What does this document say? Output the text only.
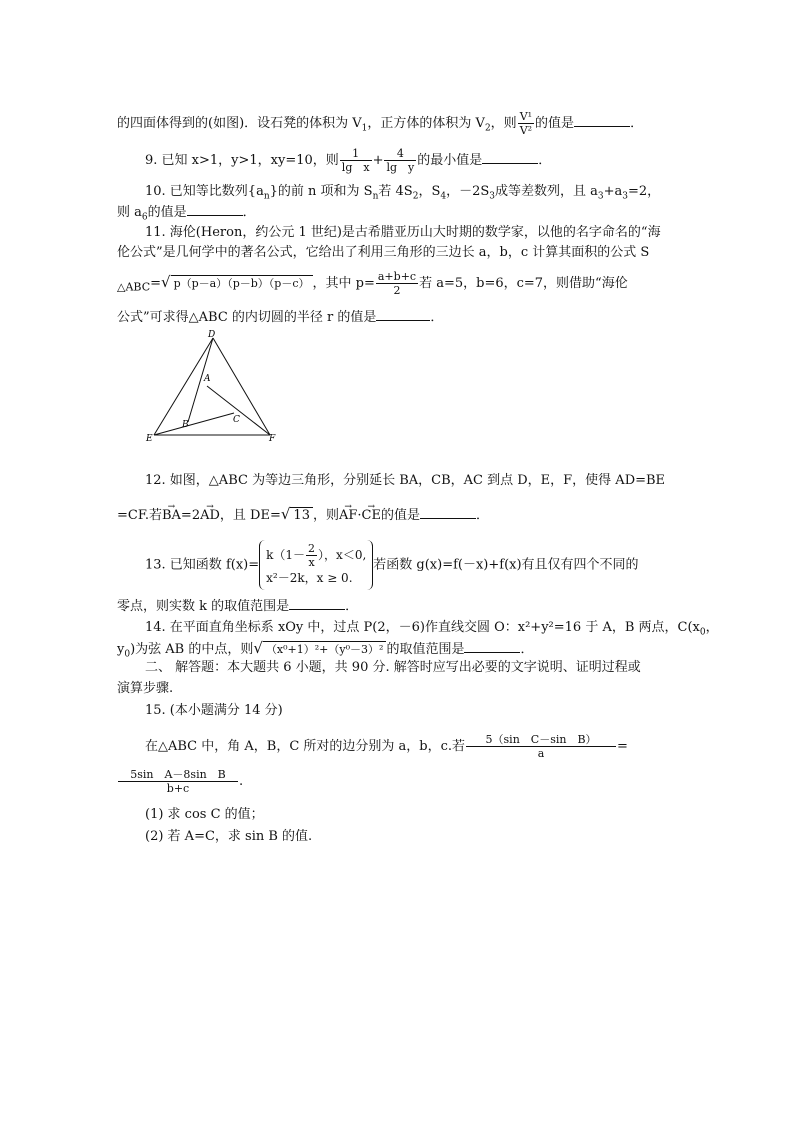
的四面体得到的(如图)．设石凳的体积为 $V_1$，正方体的体积为 $V_2$，则 $\frac{\text{V¹}}{\text{V²}}$ 的值是	．
9. 已知 x>1，y>1，xy=10，则 $\frac{1}{\text{lg　x}} + \frac{4}{\text{lg　y}}$ 的最小值是	．
10. 已知等比数列$\{a_n\}$的前 n 项和为 $S_n$若 $4S_2$，$S_4$，$-2S_3$成等差数列，且 $a_3+a_3=2$，
则 $a_6$的值是	．
11. 海伦(Heron，约公元 1 世纪)是古希腊亚历山大时期的数学家，以他的名字命名的“海
伦公式”是几何学中的著名公式，它给出了利用三角形的三边长 a，b，c 计算其面积的公式 S
$_{\triangle ABC}$=√ p（p－a）（p－b）（p－c） ，其中 $p= \frac{a+b+c}{2}$ 若 a=5，b=6，c=7，则借助“海伦
公式”可求得△ABC 的内切圆的半径 r 的值是	．
D
A
B	C
E	F
12. 如图，△ABC 为等边三角形，分别延长 BA，CB，AC 到点 D，E，F，使得 AD=BE
=CF.若→ BA=2→ AD，且 DE=√ 13 ，则→ AF·→ CE的值是	．
13. 已知函数 f(x)=
$k(1- \frac{2}{x}$ ），x＜0,
x²－2k，x ≥ 0.
若函数 g(x)=f(－x)+f(x)有且仅有四个不同的
零点，则实数 k 的取值范围是	．
14. 在平面直角坐标系 xOy 中，过点 P(2，－6)作直线交圆 O：x²+y²=16 于 A，B 两点，$C(x_0$，
$y_0$)为弦 AB 的中点，则√ （x⁰+1）²+（y⁰－3）² 的取值范围是	．
二、 解答题：本大题共 6 小题，共 90 分. 解答时应写出必要的文字说明、证明过程或
演算步骤.
15. (本小题满分 14 分)
在△ABC 中，角 A，B，C 所对的边分别为 a，b，c.若 $\frac{\text{5（sin　C－sin　B）}}{a}$ =
$\frac{\text{5sin　A－8sin　B}}{b+c}$ .
(1) 求 cos C 的值；
(2) 若 A=C，求 sin B 的值.
